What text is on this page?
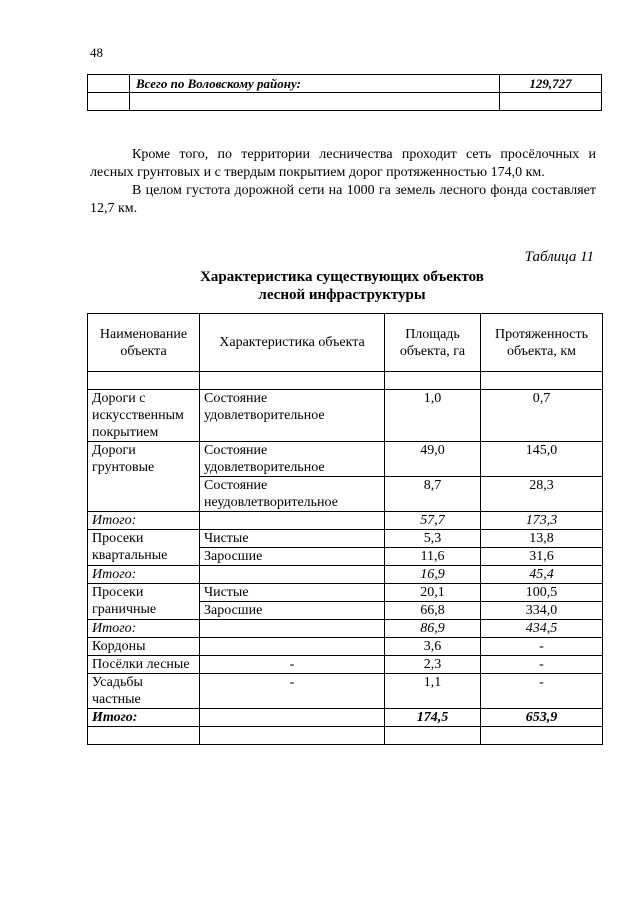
48
	Всего по Воловскому району:	129,727

Кроме того, по территории лесничества проходит сеть просёлочных и лесных грунтовых и с твердым покрытием дорог протяженностью 174,0 км.

В целом густота дорожной сети на 1000 га земель лесного фонда составляет 12,7 км.

Таблица 11
Характеристика существующих объектов
лесной инфраструктуры
Наименование объекта	Характеристика объекта	Площадь объекта, га	Протяженность объекта, км

Дороги с искусственным покрытием	Состояние удовлетворительное	1,0	0,7
Дороги грунтовые	Состояние удовлетворительное	49,0	145,0
	Состояние неудовлетворительное	8,7	28,3
Итого:		57,7	173,3
Просеки квартальные	Чистые	5,3	13,8
	Заросшие	11,6	31,6
Итого:		16,9	45,4
Просеки граничные	Чистые	20,1	100,5
	Заросшие	66,8	334,0
Итого:		86,9	434,5
Кордоны		3,6	-
Посёлки лесные	-	2,3	-
Усадьбы частные	-	1,1	-
Итого:		174,5	653,9
